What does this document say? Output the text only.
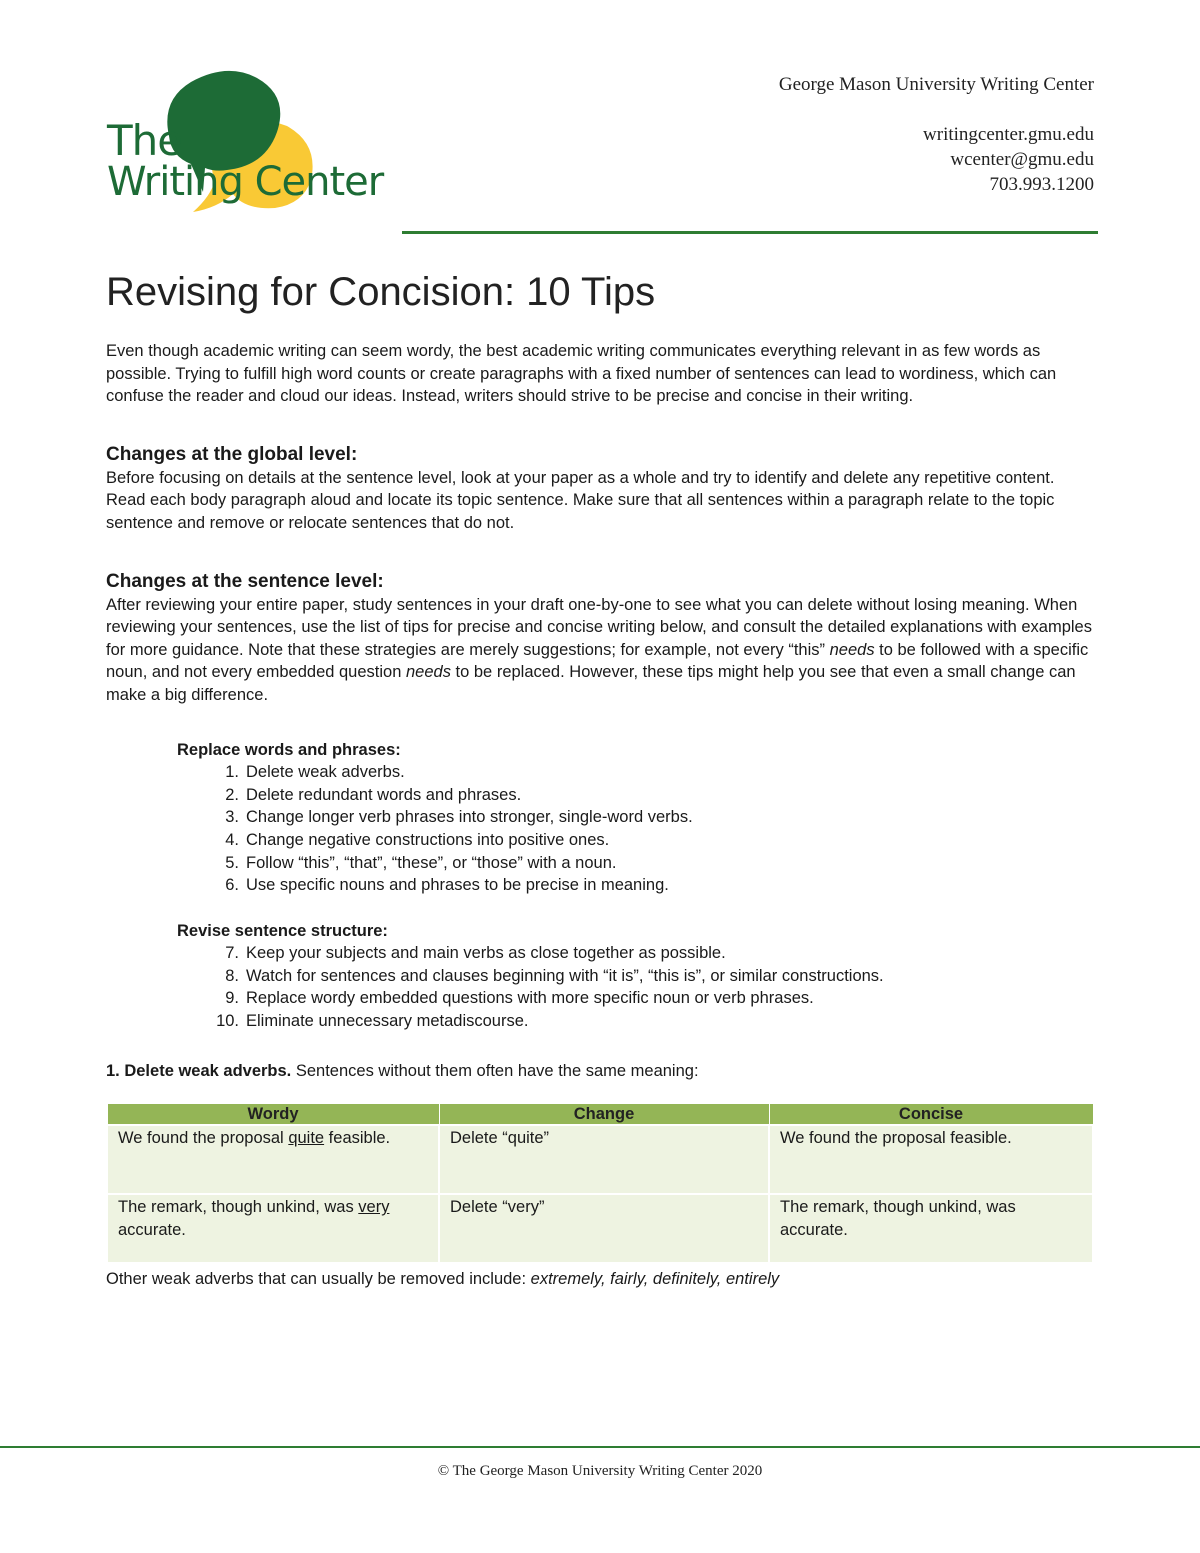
The
Writing Center
George Mason University Writing Center
writingcenter.gmu.edu
wcenter@gmu.edu
703.993.1200
Revising for Concision: 10 Tips

Even though academic writing can seem wordy, the best academic writing communicates everything relevant in as few words as possible. Trying to fulfill high word counts or create paragraphs with a fixed number of sentences can lead to wordiness, which can confuse the reader and cloud our ideas. Instead, writers should strive to be precise and concise in their writing.

Changes at the global level:

Before focusing on details at the sentence level, look at your paper as a whole and try to identify and delete any repetitive content. Read each body paragraph aloud and locate its topic sentence. Make sure that all sentences within a paragraph relate to the topic sentence and remove or relocate sentences that do not.

Changes at the sentence level:

After reviewing your entire paper, study sentences in your draft one-by-one to see what you can delete without losing meaning. When reviewing your sentences, use the list of tips for precise and concise writing below, and consult the detailed explanations with examples for more guidance. Note that these strategies are merely suggestions; for example, not every “this” needs to be followed with a specific noun, and not every embedded question needs to be replaced. However, these tips might help you see that even a small change can make a big difference.

Replace words and phrases:
1. Delete weak adverbs.
2. Delete redundant words and phrases.
3. Change longer verb phrases into stronger, single-word verbs.
4. Change negative constructions into positive ones.
5. Follow “this”, “that”, “these”, or “those” with a noun.
6. Use specific nouns and phrases to be precise in meaning.
Revise sentence structure:
7. Keep your subjects and main verbs as close together as possible.
8. Watch for sentences and clauses beginning with “it is”, “this is”, or similar constructions.
9. Replace wordy embedded questions with more specific noun or verb phrases.
10. Eliminate unnecessary metadiscourse.

1. Delete weak adverbs. Sentences without them often have the same meaning:

Wordy	Change	Concise
We found the proposal quite feasible.	Delete “quite”	We found the proposal feasible.
The remark, though unkind, was very accurate.	Delete “very”	The remark, though unkind, was accurate.

Other weak adverbs that can usually be removed include: extremely, fairly, definitely, entirely

© The George Mason University Writing Center 2020
